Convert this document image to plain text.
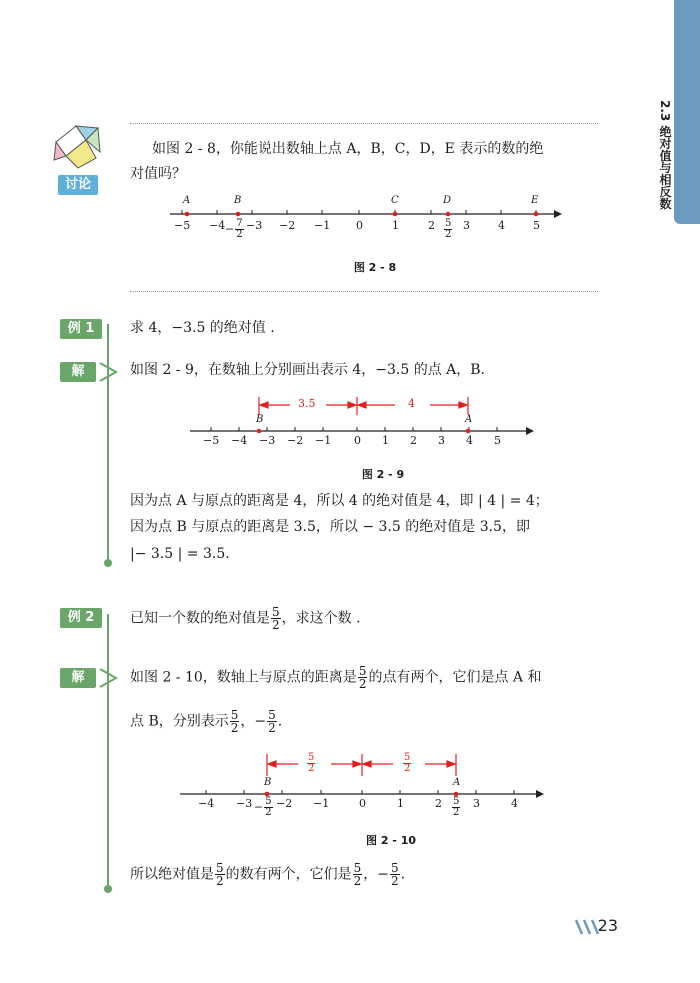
2.3 绝对值与相反数
讨论
如图 2 - 8，你能说出数轴上点 A，B，C，D，E 表示的数的绝
对值吗？
A	B	C	D	E
$-5 -4 - \frac{7}{2} -3 -2 -1$ 0	1	$2 \frac{5}{2} 3$	4	5
图 2 - 8
例 1	求 4，−3.5 的绝对值 .
解	如图 2 - 9，在数轴上分别画出表示 4，−3.5 的点 A，B.
3.5	4
B	A
−5 −4 −3 −2 −1 0 1 2 3 4 5
图 2 - 9
因为点 A 与原点的距离是 4，所以 4 的绝对值是 4，即 | 4 | = 4；
因为点 B 与原点的距离是 3.5，所以 − 3.5 的绝对值是 3.5，即
|− 3.5 | = 3.5.
例 2	已知一个数的绝对值是 $\frac{5}{2}$ ，求这个数 .
解	如图 2 - 10，数轴上与原点的距离是 $\frac{5}{2}$ 的点有两个，它们是点 A 和
点 B，分别表示 $\frac{5}{2}$ ，− $\frac{5}{2}$ .
$\frac{5}{2}$	$\frac{5}{2}$
B	A
$-4 -3 - \frac{5}{2} -2 -1$	0	1	$2 \frac{5}{2} 3$	4
图 2 - 10
所以绝对值是 $\frac{5}{2}$ 的数有两个，它们是 $\frac{5}{2}$ ，− $\frac{5}{2}$ .
23
